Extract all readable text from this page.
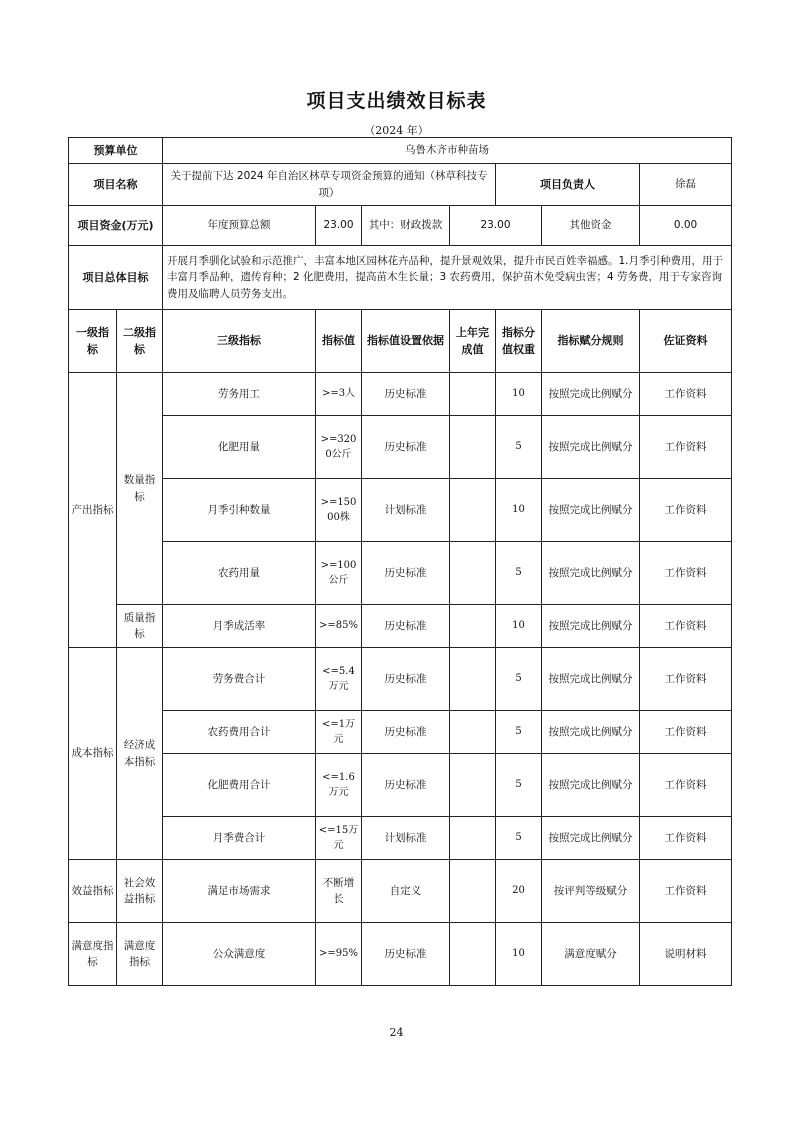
项目支出绩效目标表
（2024 年）
预算单位		乌鲁木齐市种苗场						
项目名称		关于提前下达 2024 年自治区林草专项资金预算的通知（林草科技专项）				项目负责人		徐磊
项目资金(万元)		年度预算总额	23.00	其中：财政拨款	23.00		其他资金	0.00
项目总体目标		开展月季驯化试验和示范推广，丰富本地区园林花卉品种，提升景观效果，提升市民百姓幸福感。1.月季引种费用，用于丰富月季品种，遗传育种；2 化肥费用，提高苗木生长量；3 农药费用，保护苗木免受病虫害；4 劳务费，用于专家咨询费用及临聘人员劳务支出。						
一级指标	二级指标	三级指标	指标值	指标值设置依据	上年完成值	指标分值权重	指标赋分规则	佐证资料
产出指标	数量指标	劳务用工	>=3人	历史标准		10	按照完成比例赋分	工作资料
		化肥用量	>=3200公斤	历史标准		5	按照完成比例赋分	工作资料
		月季引种数量	>=15000株	计划标准		10	按照完成比例赋分	工作资料
		农药用量	>=100公斤	历史标准		5	按照完成比例赋分	工作资料
	质量指标	月季成活率	>=85%	历史标准		10	按照完成比例赋分	工作资料
成本指标	经济成本指标	劳务费合计	<=5.4万元	历史标准		5	按照完成比例赋分	工作资料
		农药费用合计	<=1万元	历史标准		5	按照完成比例赋分	工作资料
		化肥费用合计	<=1.6万元	历史标准		5	按照完成比例赋分	工作资料
		月季费合计	<=15万元	计划标准		5	按照完成比例赋分	工作资料
效益指标	社会效益指标	满足市场需求	不断增长	自定义		20	按评判等级赋分	工作资料
满意度指标	满意度指标	公众满意度	>=95%	历史标准		10	满意度赋分	说明材料
24
